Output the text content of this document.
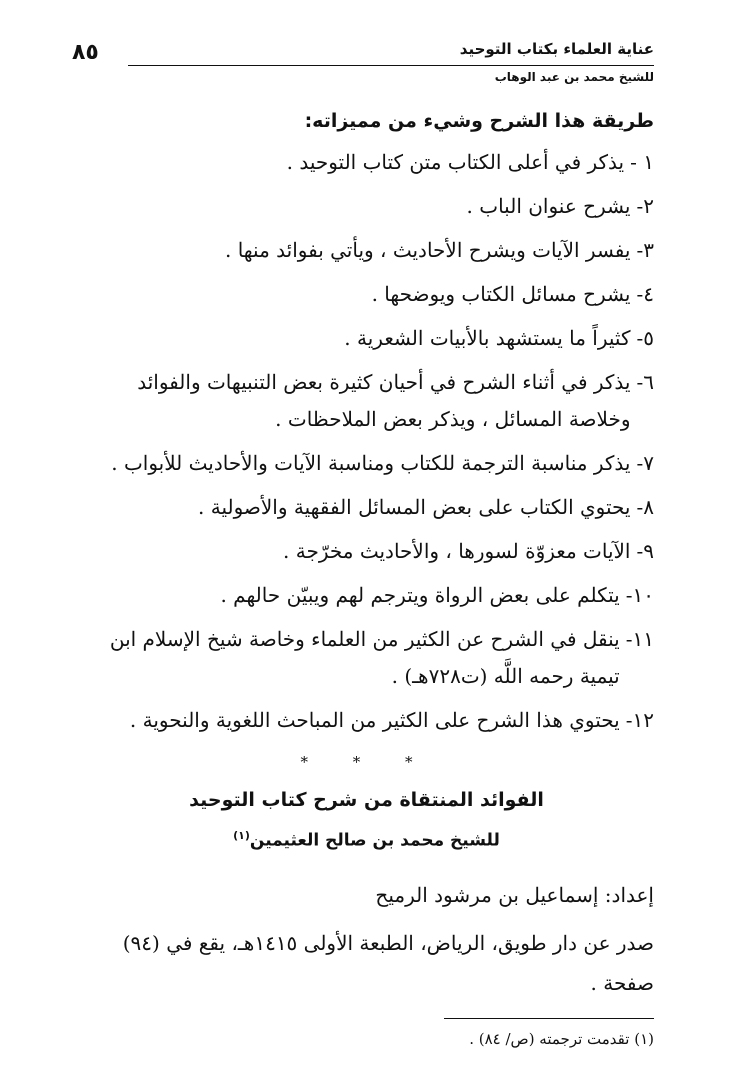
عناية العلماء بكتاب التوحيد
٨٥
للشيخ محمد بن عبد الوهاب
طريقة هذا الشرح وشيء من مميزاته:
١ -
يذكر في أعلى الكتاب متن كتاب التوحيد .
٢-
يشرح عنوان الباب .
٣-
يفسر الآيات ويشرح الأحاديث ، ويأتي بفوائد منها .
٤-
يشرح مسائل الكتاب ويوضحها .
٥-
كثيراً ما يستشهد بالأبيات الشعرية .
٦-
يذكر في أثناء الشرح في أحيان كثيرة بعض التنبيهات والفوائد وخلاصة المسائل ، ويذكر بعض الملاحظات .
٧-
يذكر مناسبة الترجمة للكتاب ومناسبة الآيات والأحاديث للأبواب .
٨-
يحتوي الكتاب على بعض المسائل الفقهية والأصولية .
٩-
الآيات معزوّة لسورها ، والأحاديث مخرّجة .
١٠-
يتكلم على بعض الرواة ويترجم لهم ويبيّن حالهم .
١١-
ينقل في الشرح عن الكثير من العلماء وخاصة شيخ الإسلام ابن تيمية رحمه اللَّه (ت٧٢٨هـ) .
١٢-
يحتوي هذا الشرح على الكثير من المباحث اللغوية والنحوية .
* * *
الفوائد المنتقاة من شرح كتاب التوحيد
للشيخ محمد بن صالح العثيمين$^{(١)}$

إعداد: إسماعيل بن مرشود الرميح

صدر عن دار طويق، الرياض، الطبعة الأولى ١٤١٥هـ، يقع في (٩٤) صفحة .

(١) تقدمت ترجمته (ص/ ٨٤) .
